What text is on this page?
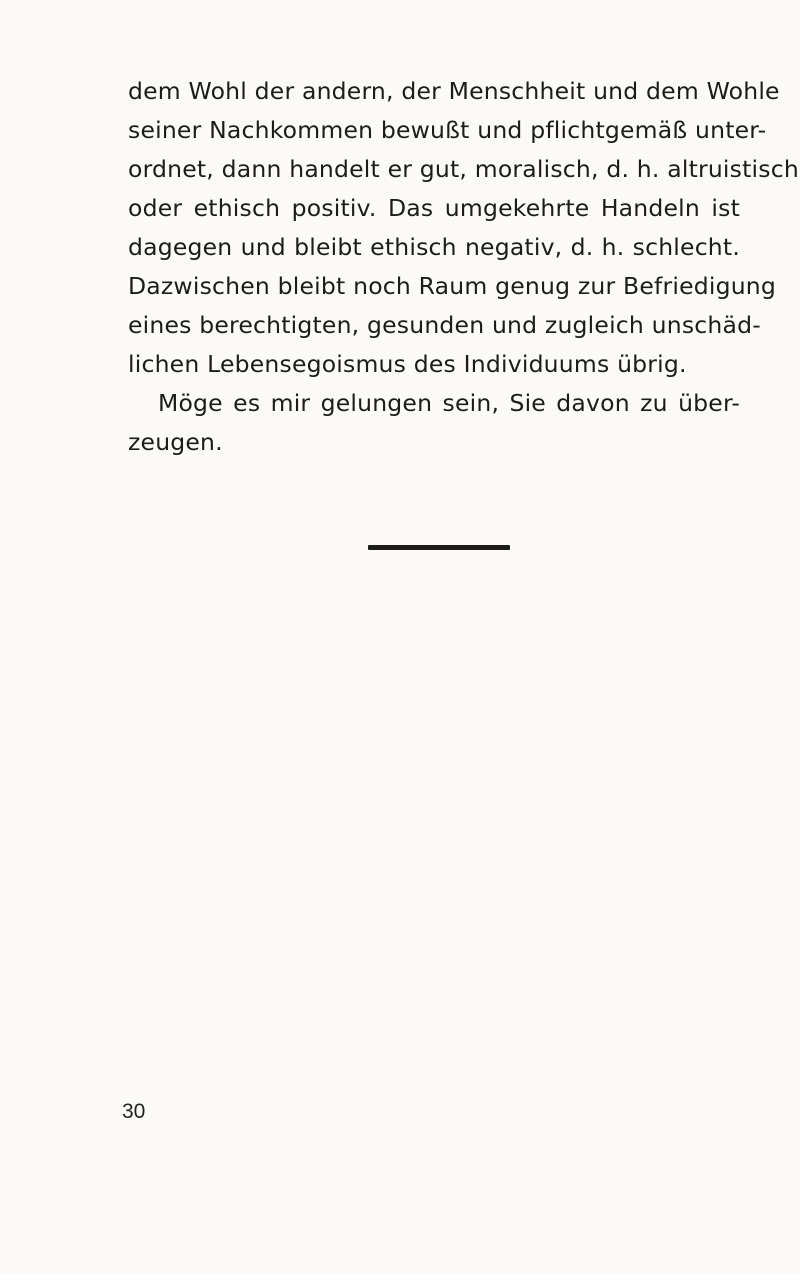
dem Wohl der andern, der Menschheit und dem Wohle
seiner Nachkommen bewußt und pflichtgemäß unter-
ordnet, dann handelt er gut, moralisch, d. h. altruistisch
oder ethisch positiv. Das umgekehrte Handeln ist
dagegen und bleibt ethisch negativ, d. h. schlecht.
Dazwischen bleibt noch Raum genug zur Befriedigung
eines berechtigten, gesunden und zugleich unschäd-
lichen Lebensegoismus des Individuums übrig.
Möge es mir gelungen sein, Sie davon zu über-
zeugen.
30
